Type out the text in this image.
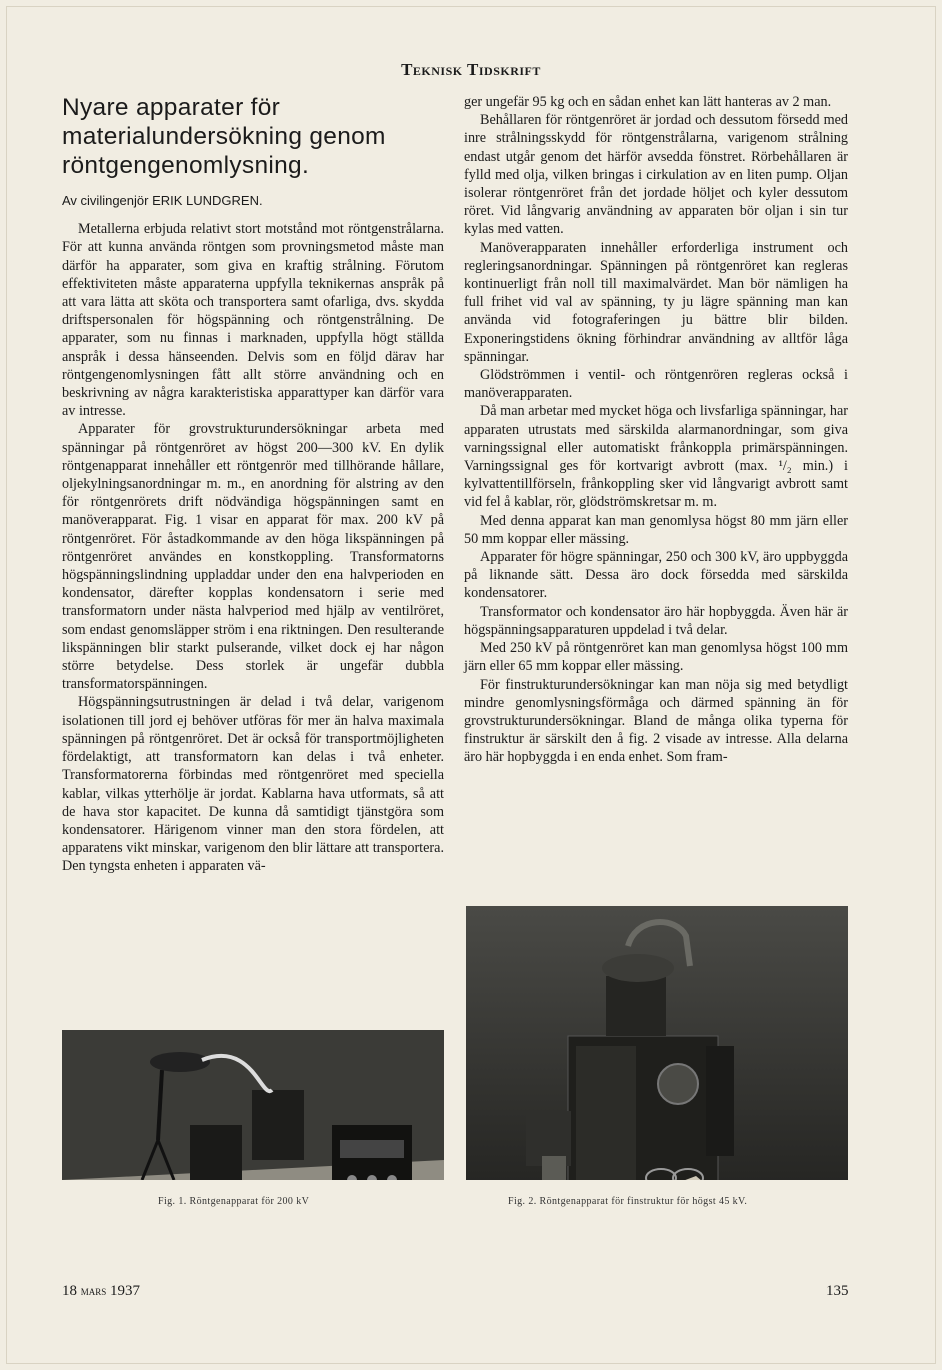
Teknisk Tidskrift
Nyare apparater för materialundersökning genom röntgengenomlysning.
Av civilingenjör ERIK LUNDGREN.

Metallerna erbjuda relativt stort motstånd mot röntgenstrålarna. För att kunna använda röntgen som provningsmetod måste man därför ha apparater, som giva en kraftig strålning. Förutom effektiviteten måste apparaterna uppfylla teknikernas anspråk på att vara lätta att sköta och transportera samt ofarliga, dvs. skydda driftspersonalen för högspänning och röntgenstrålning. De apparater, som nu finnas i marknaden, uppfylla högt ställda anspråk i dessa hänseenden. Delvis som en följd därav har röntgengenomlysningen fått allt större användning och en beskrivning av några karakteristiska apparattyper kan därför vara av intresse.

Apparater för grovstrukturundersökningar arbeta med spänningar på röntgenröret av högst 200—300 kV. En dylik röntgenapparat innehåller ett röntgenrör med tillhörande hållare, oljekylningsanordningar m. m., en anordning för alstring av den för röntgenrörets drift nödvändiga högspänningen samt en manöverapparat. Fig. 1 visar en apparat för max. 200 kV på röntgenröret. För åstadkommande av den höga likspänningen på röntgenröret användes en konstkoppling. Transformatorns högspänningslindning uppladdar under den ena halvperioden en kondensator, därefter kopplas kondensatorn i serie med transformatorn under nästa halvperiod med hjälp av ventilröret, som endast genomsläpper ström i ena riktningen. Den resulterande likspänningen blir starkt pulserande, vilket dock ej har någon större betydelse. Dess storlek är ungefär dubbla transformatorspänningen.

Högspänningsutrustningen är delad i två delar, varigenom isolationen till jord ej behöver utföras för mer än halva maximala spänningen på röntgenröret. Det är också för transportmöjligheten fördelaktigt, att transformatorn kan delas i två enheter. Transformatorerna förbindas med röntgenröret med speciella kablar, vilkas ytterhölje är jordat. Kablarna hava utformats, så att de hava stor kapacitet. De kunna då samtidigt tjänstgöra som kondensatorer. Härigenom vinner man den stora fördelen, att apparatens vikt minskar, varigenom den blir lättare att transportera. Den tyngsta enheten i apparaten vä-

ger ungefär 95 kg och en sådan enhet kan lätt hanteras av 2 man.

Behållaren för röntgenröret är jordad och dessutom försedd med inre strålningsskydd för röntgenstrålarna, varigenom strålning endast utgår genom det härför avsedda fönstret. Rörbehållaren är fylld med olja, vilken bringas i cirkulation av en liten pump. Oljan isolerar röntgenröret från det jordade höljet och kyler dessutom röret. Vid långvarig användning av apparaten bör oljan i sin tur kylas med vatten.

Manöverapparaten innehåller erforderliga instrument och regleringsanordningar. Spänningen på röntgenröret kan regleras kontinuerligt från noll till maximalvärdet. Man bör nämligen ha full frihet vid val av spänning, ty ju lägre spänning man kan använda vid fotograferingen ju bättre blir bilden. Exponeringstidens ökning förhindrar användning av alltför låga spänningar.

Glödströmmen i ventil- och röntgenrören regleras också i manöverapparaten.

Då man arbetar med mycket höga och livsfarliga spänningar, har apparaten utrustats med särskilda alarmanordningar, som giva varningssignal eller automatiskt frånkoppla primärspänningen. Varningssignal ges för kortvarigt avbrott (max. ¹/₂ min.) i kylvattentillförseln, frånkoppling sker vid långvarigt avbrott samt vid fel å kablar, rör, glödströmskretsar m. m.

Med denna apparat kan man genomlysa högst 80 mm järn eller 50 mm koppar eller mässing.

Apparater för högre spänningar, 250 och 300 kV, äro uppbyggda på liknande sätt. Dessa äro dock försedda med särskilda kondensatorer.

Transformator och kondensator äro här hopbyggda. Även här är högspänningsapparaturen uppdelad i två delar.

Med 250 kV på röntgenröret kan man genomlysa högst 100 mm järn eller 65 mm koppar eller mässing.

För finstrukturundersökningar kan man nöja sig med betydligt mindre genomlysningsförmåga och därmed spänning än för grovstrukturundersökningar. Bland de många olika typerna för finstruktur är särskilt den å fig. 2 visade av intresse. Alla delarna äro här hopbyggda i en enda enhet. Som fram-

Fig. 1. Röntgenapparat för 200 kV	Fig. 2. Röntgenapparat för finstruktur för högst 45 kV.
18 mars 1937	135
